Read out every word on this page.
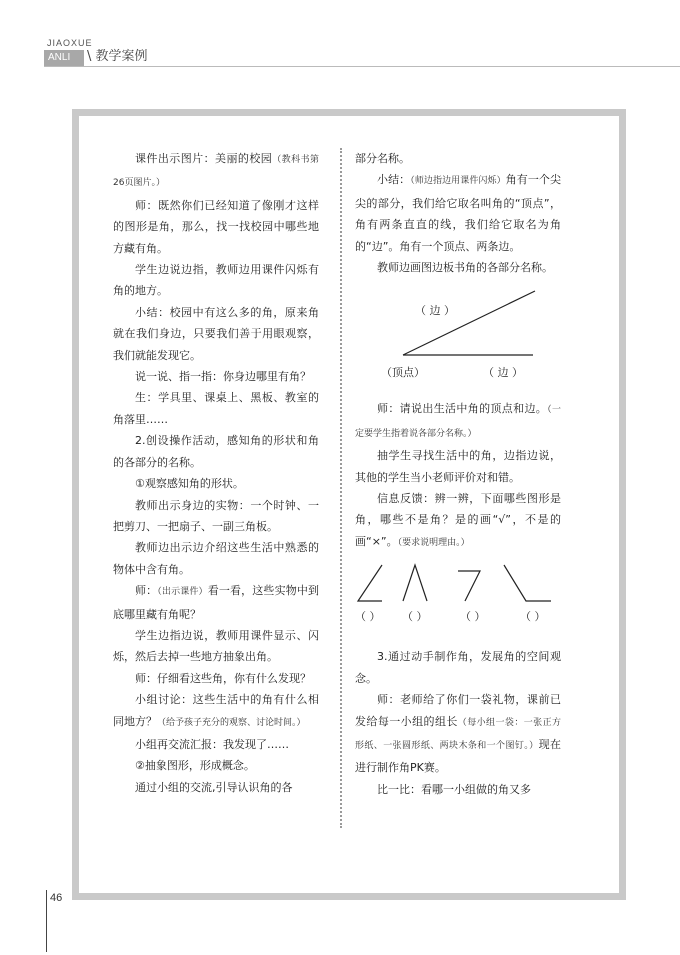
JIAOXUE
ANLI	\ 教学案例

课件出示图片：美丽的校园（教科书第26页图片。）

师：既然你们已经知道了像刚才这样的图形是角，那么，找一找校园中哪些地方藏有角。

学生边说边指，教师边用课件闪烁有角的地方。

小结：校园中有这么多的角，原来角就在我们身边，只要我们善于用眼观察，我们就能发现它。

说一说、指一指：你身边哪里有角？

生：学具里、课桌上、黑板、教室的角落里……

2.创设操作活动，感知角的形状和角的各部分的名称。

①观察感知角的形状。

教师出示身边的实物：一个时钟、一把剪刀、一把扇子、一副三角板。

教师边出示边介绍这些生活中熟悉的物体中含有角。

师：（出示课件）看一看，这些实物中到底哪里藏有角呢？

学生边指边说，教师用课件显示、闪烁，然后去掉一些地方抽象出角。

师：仔细看这些角，你有什么发现？

小组讨论：这些生活中的角有什么相同地方？（给予孩子充分的观察、讨论时间。）

小组再交流汇报：我发现了……

②抽象图形，形成概念。

通过小组的交流,引导认识角的各

部分名称。

小结：（师边指边用课件闪烁）角有一个尖尖的部分，我们给它取名叫角的“顶点”，角有两条直直的线，我们给它取名为角的“边”。角有一个顶点、两条边。

教师边画图边板书角的各部分名称。

（ 边 ）
（顶点）	（ 边 ）

师：请说出生活中角的顶点和边。（一定要学生指着说各部分名称。）

抽学生寻找生活中的角，边指边说，其他的学生当小老师评价对和错。

信息反馈：辨一辨，下面哪些图形是角，哪些不是角？是的画“√”，不是的画“×”。（要求说明理由。）

（ ） （ ）	（ ）	（ ）

3.通过动手制作角，发展角的空间观念。

师：老师给了你们一袋礼物，课前已发给每一小组的组长（每小组一袋：一张正方形纸、一张圆形纸、两块木条和一个图钉。）现在进行制作角PK赛。

比一比：看哪一小组做的角又多

46
